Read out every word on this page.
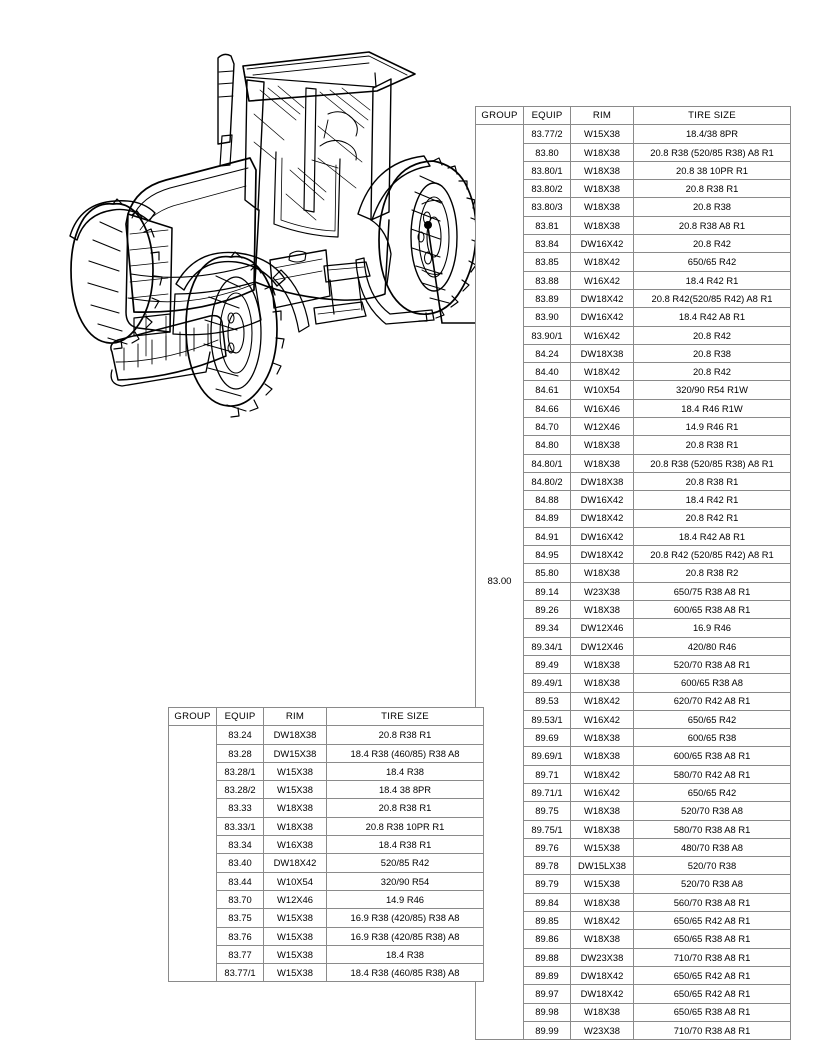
GROUP	EQUIP	RIM	TIRE SIZE
83.00	83.77/2	W15X38	18.4/38 8PR
	83.80	W18X38	20.8 R38 (520/85 R38) A8 R1
	83.80/1	W18X38	20.8 38 10PR R1
	83.80/2	W18X38	20.8 R38 R1
	83.80/3	W18X38	20.8 R38
	83.81	W18X38	20.8 R38 A8 R1
	83.84	DW16X42	20.8 R42
	83.85	W18X42	650/65 R42
	83.88	W16X42	18.4 R42 R1
	83.89	DW18X42	20.8 R42(520/85 R42) A8 R1
	83.90	DW16X42	18.4 R42 A8 R1
	83.90/1	W16X42	20.8 R42
	84.24	DW18X38	20.8 R38
	84.40	W18X42	20.8 R42
	84.61	W10X54	320/90 R54 R1W
	84.66	W16X46	18.4 R46 R1W
	84.70	W12X46	14.9 R46 R1
	84.80	W18X38	20.8 R38 R1
	84.80/1	W18X38	20.8 R38 (520/85 R38) A8 R1
	84.80/2	DW18X38	20.8 R38 R1
	84.88	DW16X42	18.4 R42 R1
	84.89	DW18X42	20.8 R42 R1
	84.91	DW16X42	18.4 R42 A8 R1
	84.95	DW18X42	20.8 R42 (520/85 R42) A8 R1
	85.80	W18X38	20.8 R38 R2
	89.14	W23X38	650/75 R38 A8 R1
	89.26	W18X38	600/65 R38 A8 R1
	89.34	DW12X46	16.9 R46
	89.34/1	DW12X46	420/80 R46
	89.49	W18X38	520/70 R38 A8 R1
	89.49/1	W18X38	600/65 R38 A8
	89.53	W18X42	620/70 R42 A8 R1
	89.53/1	W16X42	650/65 R42
	89.69	W18X38	600/65 R38
	89.69/1	W18X38	600/65 R38 A8 R1
	89.71	W18X42	580/70 R42 A8 R1
	89.71/1	W16X42	650/65 R42
	89.75	W18X38	520/70 R38 A8
	89.75/1	W18X38	580/70 R38 A8 R1
	89.76	W15X38	480/70 R38 A8
	89.78	DW15LX38	520/70 R38
	89.79	W15X38	520/70 R38 A8
	89.84	W18X38	560/70 R38 A8 R1
	89.85	W18X42	650/65 R42 A8 R1
	89.86	W18X38	650/65 R38 A8 R1
	89.88	DW23X38	710/70 R38 A8 R1
	89.89	DW18X42	650/65 R42 A8 R1
	89.97	DW18X42	650/65 R42 A8 R1
	89.98	W18X38	650/65 R38 A8 R1
	89.99	W23X38	710/70 R38 A8 R1
GROUP	EQUIP	RIM	TIRE SIZE
	83.24	DW18X38	20.8 R38 R1
	83.28	DW15X38	18.4 R38 (460/85) R38 A8
	83.28/1	W15X38	18.4 R38
	83.28/2	W15X38	18.4 38 8PR
	83.33	W18X38	20.8 R38 R1
	83.33/1	W18X38	20.8 R38 10PR R1
	83.34	W16X38	18.4 R38 R1
	83.40	DW18X42	520/85 R42
	83.44	W10X54	320/90 R54
	83.70	W12X46	14.9 R46
	83.75	W15X38	16.9 R38 (420/85) R38 A8
	83.76	W15X38	16.9 R38 (420/85 R38) A8
	83.77	W15X38	18.4 R38
	83.77/1	W15X38	18.4 R38 (460/85 R38) A8
